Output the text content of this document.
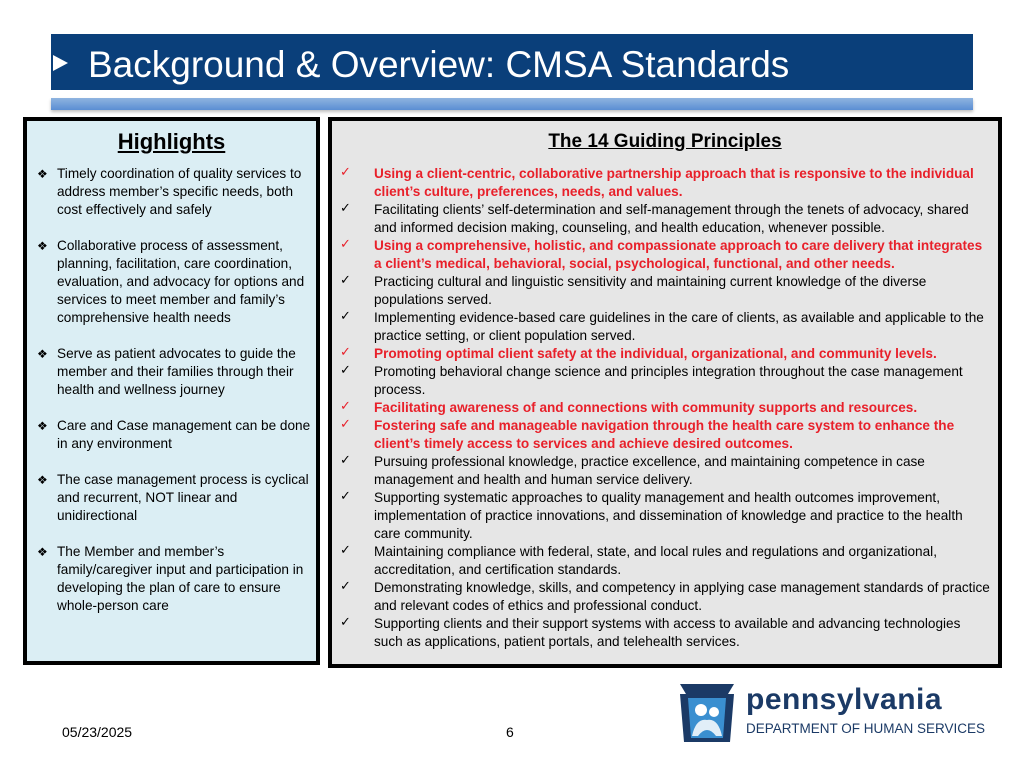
Background & Overview: CMSA Standards
Highlights
❖ Timely coordination of quality services to address member’s specific needs, both cost effectively and safely
❖ Collaborative process of assessment, planning, facilitation, care coordination, evaluation, and advocacy for options and services to meet member and family’s comprehensive health needs
❖ Serve as patient advocates to guide the member and their families through their health and wellness journey
❖ Care and Case management can be done in any environment
❖ The case management process is cyclical and recurrent, NOT linear and unidirectional
❖ The Member and member’s family/caregiver input and participation in developing the plan of care to ensure whole-person care
The 14 Guiding Principles
✓ Using a client-centric, collaborative partnership approach that is responsive to the individual client’s culture, preferences, needs, and values.
✓ Facilitating clients’ self-determination and self-management through the tenets of advocacy, shared and informed decision making, counseling, and health education, whenever possible.
✓ Using a comprehensive, holistic, and compassionate approach to care delivery that integrates a client’s medical, behavioral, social, psychological, functional, and other needs.
✓ Practicing cultural and linguistic sensitivity and maintaining current knowledge of the diverse populations served.
✓ Implementing evidence-based care guidelines in the care of clients, as available and applicable to the practice setting, or client population served.
✓ Promoting optimal client safety at the individual, organizational, and community levels.
✓ Promoting behavioral change science and principles integration throughout the case management process.
✓ Facilitating awareness of and connections with community supports and resources.
✓ Fostering safe and manageable navigation through the health care system to enhance the client’s timely access to services and achieve desired outcomes.
✓ Pursuing professional knowledge, practice excellence, and maintaining competence in case management and health and human service delivery.
✓ Supporting systematic approaches to quality management and health outcomes improvement, implementation of practice innovations, and dissemination of knowledge and practice to the health care community.
✓ Maintaining compliance with federal, state, and local rules and regulations and organizational, accreditation, and certification standards.
✓ Demonstrating knowledge, skills, and competency in applying case management standards of practice and relevant codes of ethics and professional conduct.
✓ Supporting clients and their support systems with access to available and advancing technologies such as applications, patient portals, and telehealth services.
05/23/2025	6
pennsylvania
DEPARTMENT OF HUMAN SERVICES
